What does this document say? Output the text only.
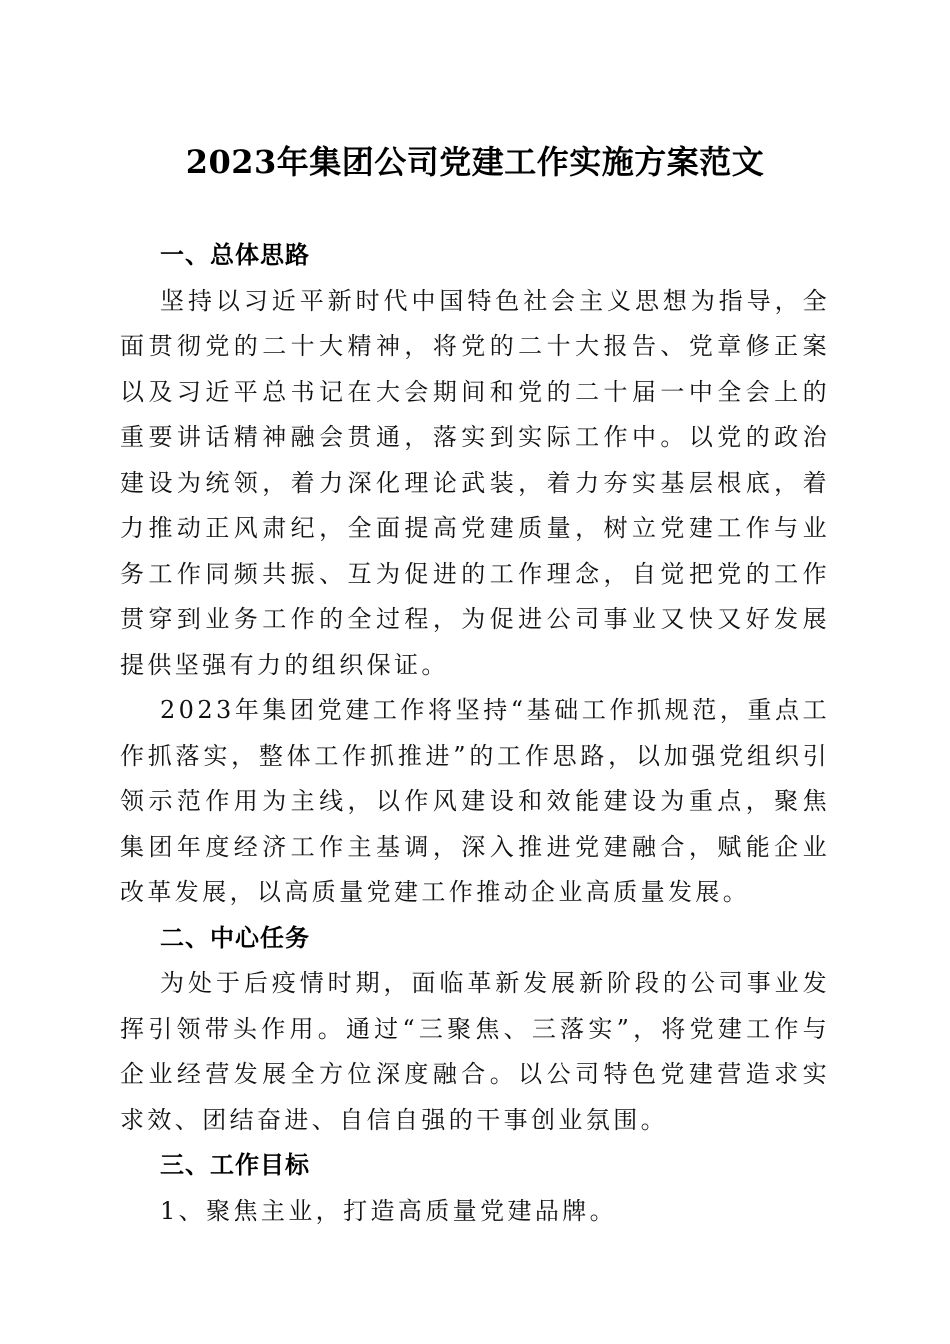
2023年集团公司党建工作实施方案范文

一、总体思路

坚持以习近平新时代中国特色社会主义思想为指导，全面贯彻党的二十大精神，将党的二十大报告、党章修正案以及习近平总书记在大会期间和党的二十届一中全会上的重要讲话精神融会贯通，落实到实际工作中。以党的政治建设为统领，着力深化理论武装，着力夯实基层根底，着力推动正风肃纪，全面提高党建质量，树立党建工作与业务工作同频共振、互为促进的工作理念，自觉把党的工作贯穿到业务工作的全过程，为促进公司事业又快又好发展提供坚强有力的组织保证。

2023年集团党建工作将坚持“基础工作抓规范，重点工作抓落实，整体工作抓推进”的工作思路，以加强党组织引领示范作用为主线，以作风建设和效能建设为重点，聚焦集团年度经济工作主基调，深入推进党建融合，赋能企业改革发展，以高质量党建工作推动企业高质量发展。

二、中心任务

为处于后疫情时期，面临革新发展新阶段的公司事业发挥引领带头作用。通过“三聚焦、三落实”，将党建工作与企业经营发展全方位深度融合。以公司特色党建营造求实求效、团结奋进、自信自强的干事创业氛围。

三、工作目标

1、聚焦主业，打造高质量党建品牌。
